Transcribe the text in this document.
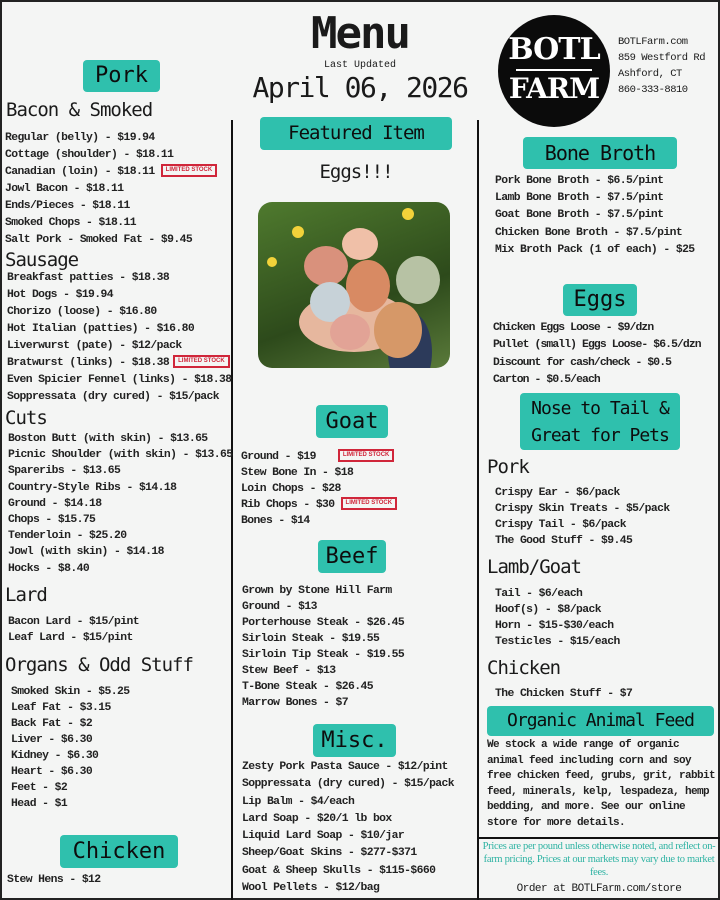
Menu
Last Updated
April 06, 2026
BOTL
FARM
BOTLFarm.com
859 Westford Rd
Ashford, CT
860-333-8810
Pork
Bacon & Smoked
Regular (belly) - $19.94
Cottage (shoulder) - $18.11
Canadian (loin) - $18.11 LIMITED STOCK
Jowl Bacon - $18.11
Ends/Pieces - $18.11
Smoked Chops - $18.11
Salt Pork - Smoked Fat - $9.45
Sausage
Breakfast patties - $18.38
Hot Dogs - $19.94
Chorizo (loose) - $16.80
Hot Italian (patties) - $16.80
Liverwurst (pate) - $12/pack
Bratwurst (links) - $18.38 LIMITED STOCK
Even Spicier Fennel (links) - $18.38
Soppressata (dry cured) - $15/pack
Cuts
Boston Butt (with skin) - $13.65
Picnic Shoulder (with skin) - $13.65
Spareribs - $13.65
Country-Style Ribs - $14.18
Ground - $14.18
Chops - $15.75
Tenderloin - $25.20
Jowl (with skin) - $14.18
Hocks - $8.40
Lard
Bacon Lard - $15/pint
Leaf Lard - $15/pint
Organs & Odd Stuff
Smoked Skin - $5.25
Leaf Fat - $3.15
Back Fat - $2
Liver - $6.30
Kidney - $6.30
Heart - $6.30
Feet - $2
Head - $1
Chicken
Stew Hens - $12
Featured Item
Eggs!!!
Goat
Ground - $19	LIMITED STOCK
Stew Bone In - $18
Loin Chops - $28
Rib Chops - $30 LIMITED STOCK
Bones - $14
Beef
Grown by Stone Hill Farm
Ground - $13
Porterhouse Steak - $26.45
Sirloin Steak - $19.55
Sirloin Tip Steak - $19.55
Stew Beef - $13
T-Bone Steak - $26.45
Marrow Bones - $7
Misc.
Zesty Pork Pasta Sauce - $12/pint
Soppressata (dry cured) - $15/pack
Lip Balm - $4/each
Lard Soap - $20/1 lb box
Liquid Lard Soap - $10/jar
Sheep/Goat Skins - $277-$371
Goat & Sheep Skulls - $115-$660
Wool Pellets - $12/bag
Bone Broth
Pork Bone Broth - $6.5/pint
Lamb Bone Broth - $7.5/pint
Goat Bone Broth - $7.5/pint
Chicken Bone Broth - $7.5/pint
Mix Broth Pack (1 of each) - $25
Eggs
Chicken Eggs Loose - $9/dzn
Pullet (small) Eggs Loose- $6.5/dzn
Discount for cash/check - $0.5
Carton - $0.5/each
Nose to Tail &
Great for Pets
Pork
Crispy Ear - $6/pack
Crispy Skin Treats - $5/pack
Crispy Tail - $6/pack
The Good Stuff - $9.45
Lamb/Goat
Tail - $6/each
Hoof(s) - $8/pack
Horn - $15-$30/each
Testicles - $15/each
Chicken
The Chicken Stuff - $7
Organic Animal Feed
We stock a wide range of organic animal feed including corn and soy free chicken feed, grubs, grit, rabbit feed, minerals, kelp, lespadeza, hemp bedding, and more. See our online store for more details.
Prices are per pound unless otherwise noted, and reflect on-farm pricing. Prices at our markets may vary due to market fees.
Order at BOTLFarm.com/store
